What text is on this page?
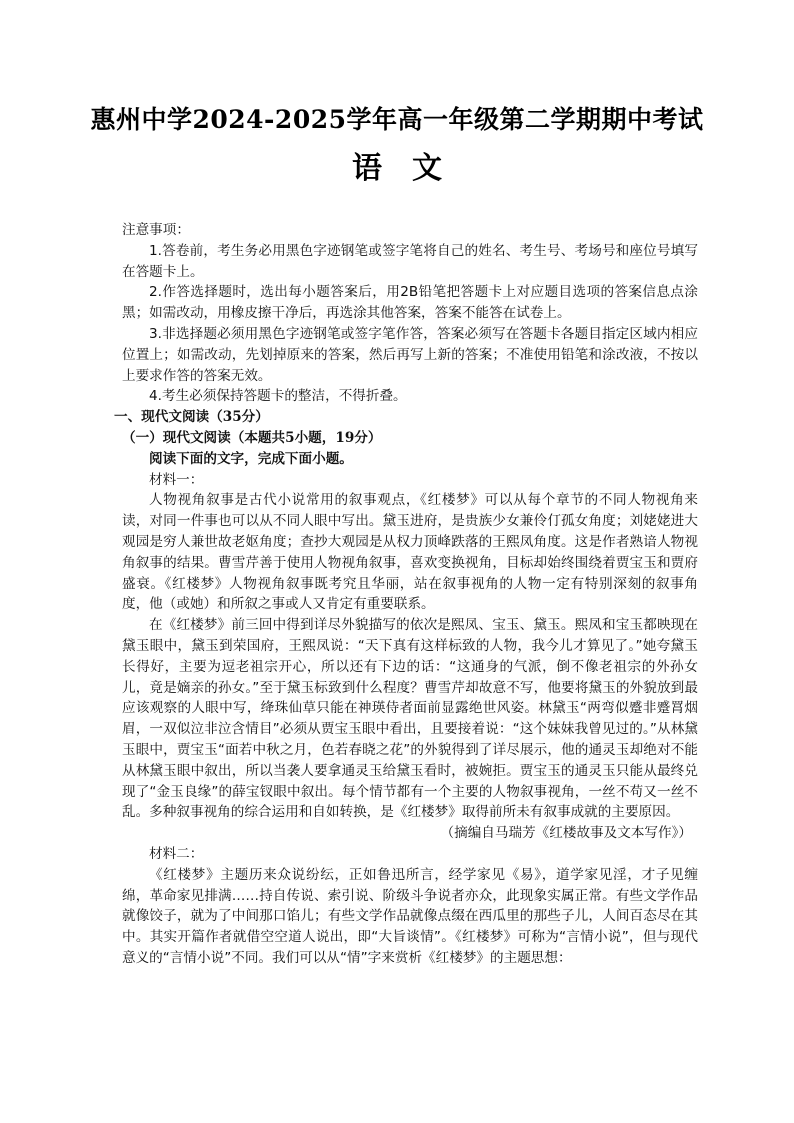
惠州中学2024-2025学年高一年级第二学期期中考试
语文

注意事项：

1.答卷前，考生务必用黑色字迹钢笔或签字笔将自己的姓名、考生号、考场号和座位号填写在答题卡上。

2.作答选择题时，选出每小题答案后，用2B铅笔把答题卡上对应题目选项的答案信息点涂黑；如需改动，用橡皮擦干净后，再选涂其他答案，答案不能答在试卷上。

3.非选择题必须用黑色字迹钢笔或签字笔作答，答案必须写在答题卡各题目指定区域内相应位置上；如需改动，先划掉原来的答案，然后再写上新的答案；不准使用铅笔和涂改液，不按以上要求作答的答案无效。

4.考生必须保持答题卡的整洁，不得折叠。

一、现代文阅读（35分）

（一）现代文阅读（本题共5小题，19分）

阅读下面的文字，完成下面小题。

材料一：

人物视角叙事是古代小说常用的叙事观点，《红楼梦》可以从每个章节的不同人物视角来读，对同一件事也可以从不同人眼中写出。黛玉进府，是贵族少女兼伶仃孤女角度；刘姥姥进大观园是穷人兼世故老妪角度；查抄大观园是从权力顶峰跌落的王熙凤角度。这是作者熟谙人物视角叙事的结果。曹雪芹善于使用人物视角叙事，喜欢变换视角，目标却始终围绕着贾宝玉和贾府盛衰。《红楼梦》人物视角叙事既考究且华丽，站在叙事视角的人物一定有特别深刻的叙事角度，他（或她）和所叙之事或人又肯定有重要联系。

在《红楼梦》前三回中得到详尽外貌描写的依次是熙凤、宝玉、黛玉。熙凤和宝玉都映现在黛玉眼中，黛玉到荣国府，王熙凤说：“天下真有这样标致的人物，我今儿才算见了。”她夸黛玉长得好，主要为逗老祖宗开心，所以还有下边的话：“这通身的气派，倒不像老祖宗的外孙女儿，竟是嫡亲的孙女。”至于黛玉标致到什么程度？曹雪芹却故意不写，他要将黛玉的外貌放到最应该观察的人眼中写，绛珠仙草只能在神瑛侍者面前显露绝世风姿。林黛玉“两弯似蹙非蹙罥烟眉，一双似泣非泣含情目”必须从贾宝玉眼中看出，且要接着说：“这个妹妹我曾见过的。”从林黛玉眼中，贾宝玉“面若中秋之月，色若春晓之花”的外貌得到了详尽展示，他的通灵玉却绝对不能从林黛玉眼中叙出，所以当袭人要拿通灵玉给黛玉看时，被婉拒。贾宝玉的通灵玉只能从最终兑现了“金玉良缘”的薛宝钗眼中叙出。每个情节都有一个主要的人物叙事视角，一丝不苟又一丝不乱。多种叙事视角的综合运用和自如转换，是《红楼梦》取得前所未有叙事成就的主要原因。

（摘编自马瑞芳《红楼故事及文本写作》）

材料二：

《红楼梦》主题历来众说纷纭，正如鲁迅所言，经学家见《易》，道学家见淫，才子见缠绵，革命家见排满……持自传说、索引说、阶级斗争说者亦众，此现象实属正常。有些文学作品就像饺子，就为了中间那口馅儿；有些文学作品就像点缀在西瓜里的那些子儿，人间百态尽在其中。其实开篇作者就借空空道人说出，即“大旨谈情”。《红楼梦》可称为“言情小说”，但与现代意义的“言情小说”不同。我们可以从“情”字来赏析《红楼梦》的主题思想：
